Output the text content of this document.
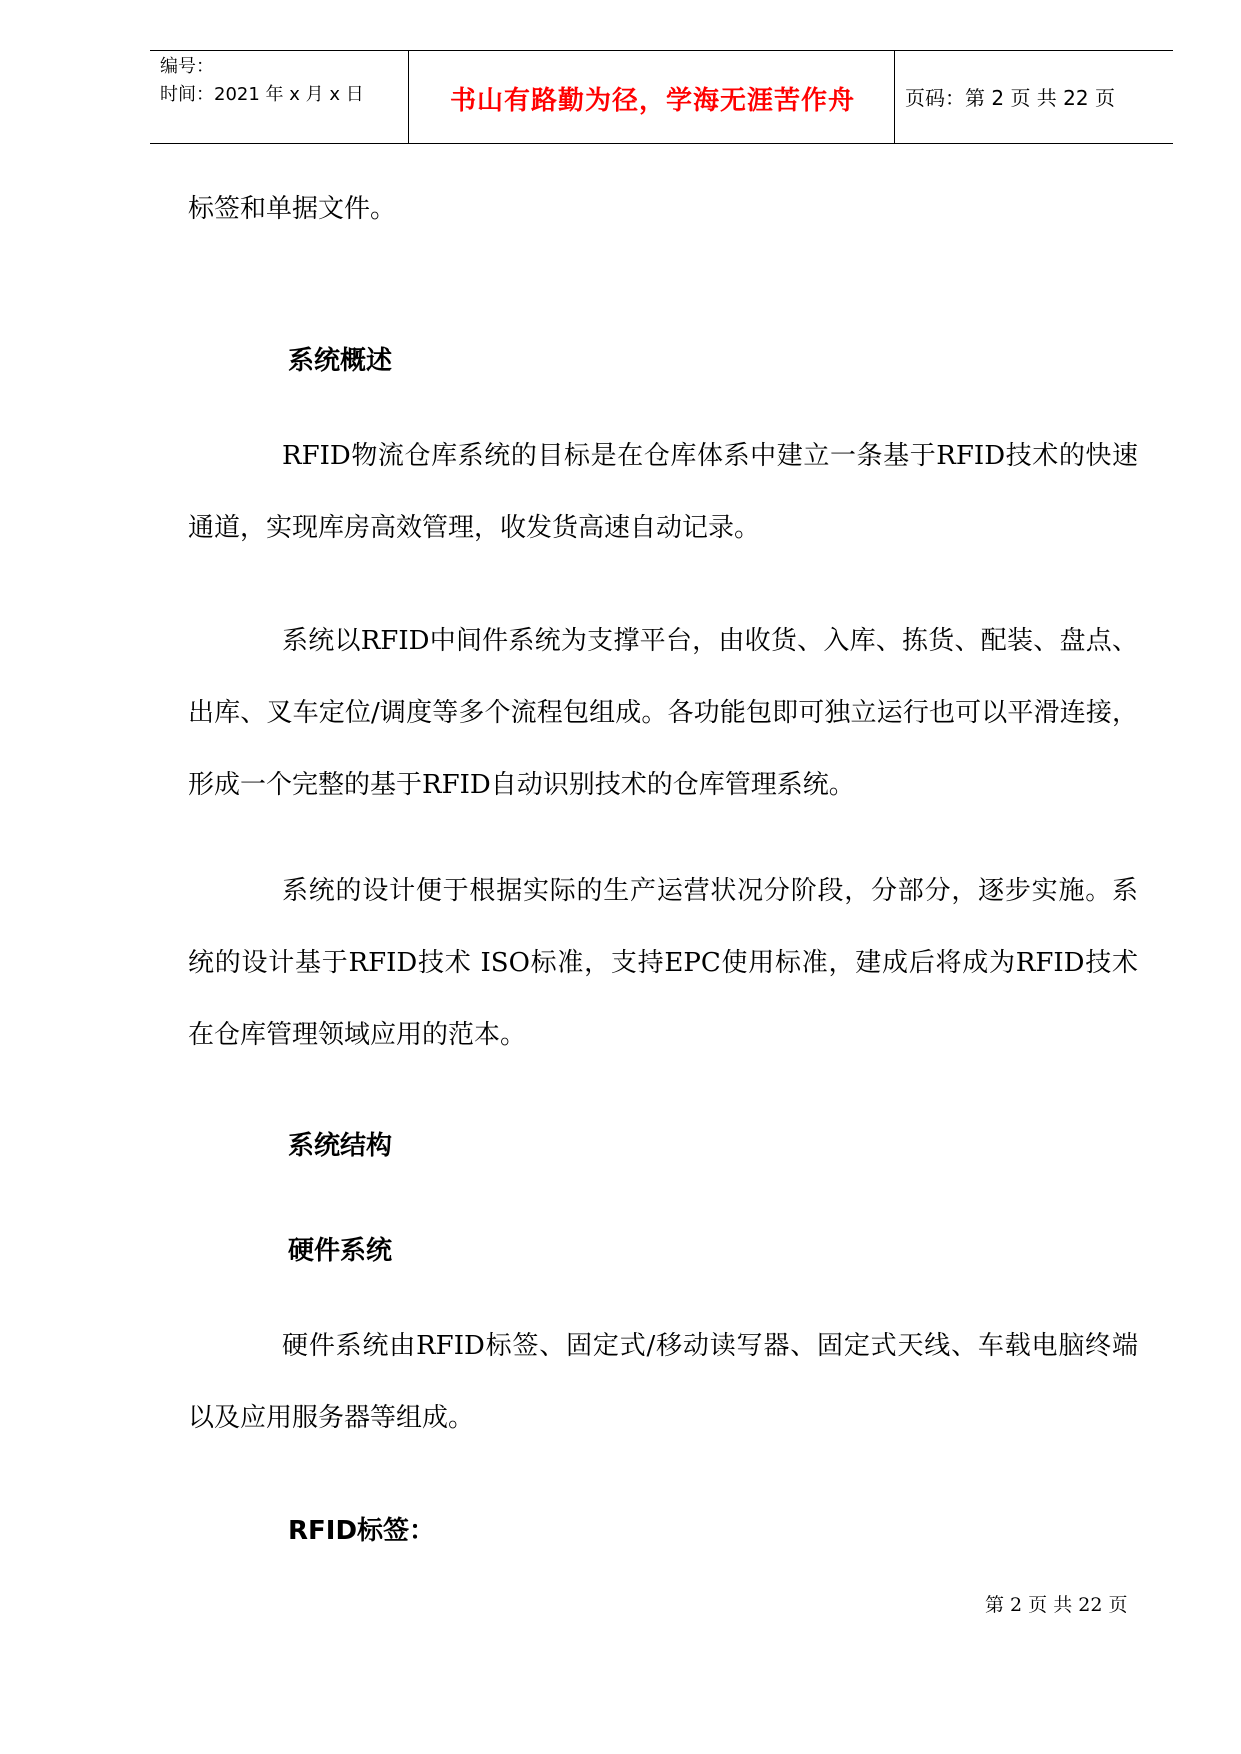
编号：
时间：2021 年 x 月 x 日	书山有路勤为径，学海无涯苦作舟	页码：第 2 页 共 22 页

标签和单据文件。

系统概述

RFID物流仓库系统的目标是在仓库体系中建立一条基于RFID技术的快速通道，实现库房高效管理，收发货高速自动记录。

系统以RFID中间件系统为支撑平台，由收货、入库、拣货、配装、盘点、出库、叉车定位/调度等多个流程包组成。各功能包即可独立运行也可以平滑连接，形成一个完整的基于RFID自动识别技术的仓库管理系统。

系统的设计便于根据实际的生产运营状况分阶段，分部分，逐步实施。系统的设计基于RFID技术 ISO标准，支持EPC使用标准，建成后将成为RFID技术在仓库管理领域应用的范本。

系统结构

硬件系统

硬件系统由RFID标签、固定式/移动读写器、固定式天线、车载电脑终端以及应用服务器等组成。

RFID标签：

第 2 页 共 22 页
